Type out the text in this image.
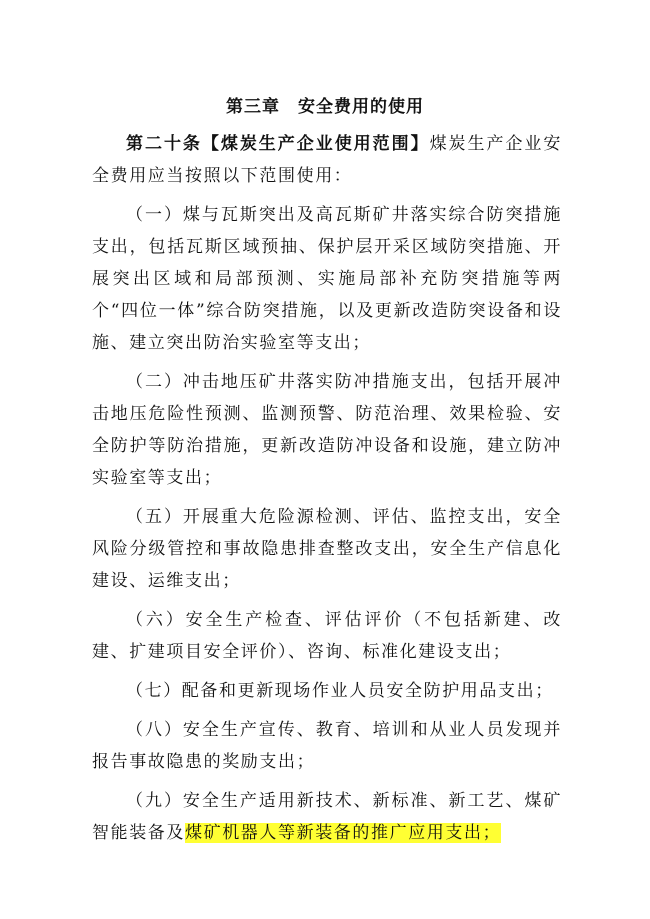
第三章　安全费用的使用

第二十条【煤炭生产企业使用范围】煤炭生产企业安全费用应当按照以下范围使用：

（一）煤与瓦斯突出及高瓦斯矿井落实综合防突措施支出，包括瓦斯区域预抽、保护层开采区域防突措施、开展突出区域和局部预测、实施局部补充防突措施等两个“四位一体”综合防突措施，以及更新改造防突设备和设施、建立突出防治实验室等支出；

（二）冲击地压矿井落实防冲措施支出，包括开展冲击地压危险性预测、监测预警、防范治理、效果检验、安全防护等防治措施，更新改造防冲设备和设施，建立防冲实验室等支出；

（五）开展重大危险源检测、评估、监控支出，安全风险分级管控和事故隐患排查整改支出，安全生产信息化建设、运维支出；

（六）安全生产检查、评估评价（不包括新建、改建、扩建项目安全评价）、咨询、标准化建设支出；

（七）配备和更新现场作业人员安全防护用品支出；

（八）安全生产宣传、教育、培训和从业人员发现并报告事故隐患的奖励支出；

（九）安全生产适用新技术、新标准、新工艺、煤矿智能装备及煤矿机器人等新装备的推广应用支出；
